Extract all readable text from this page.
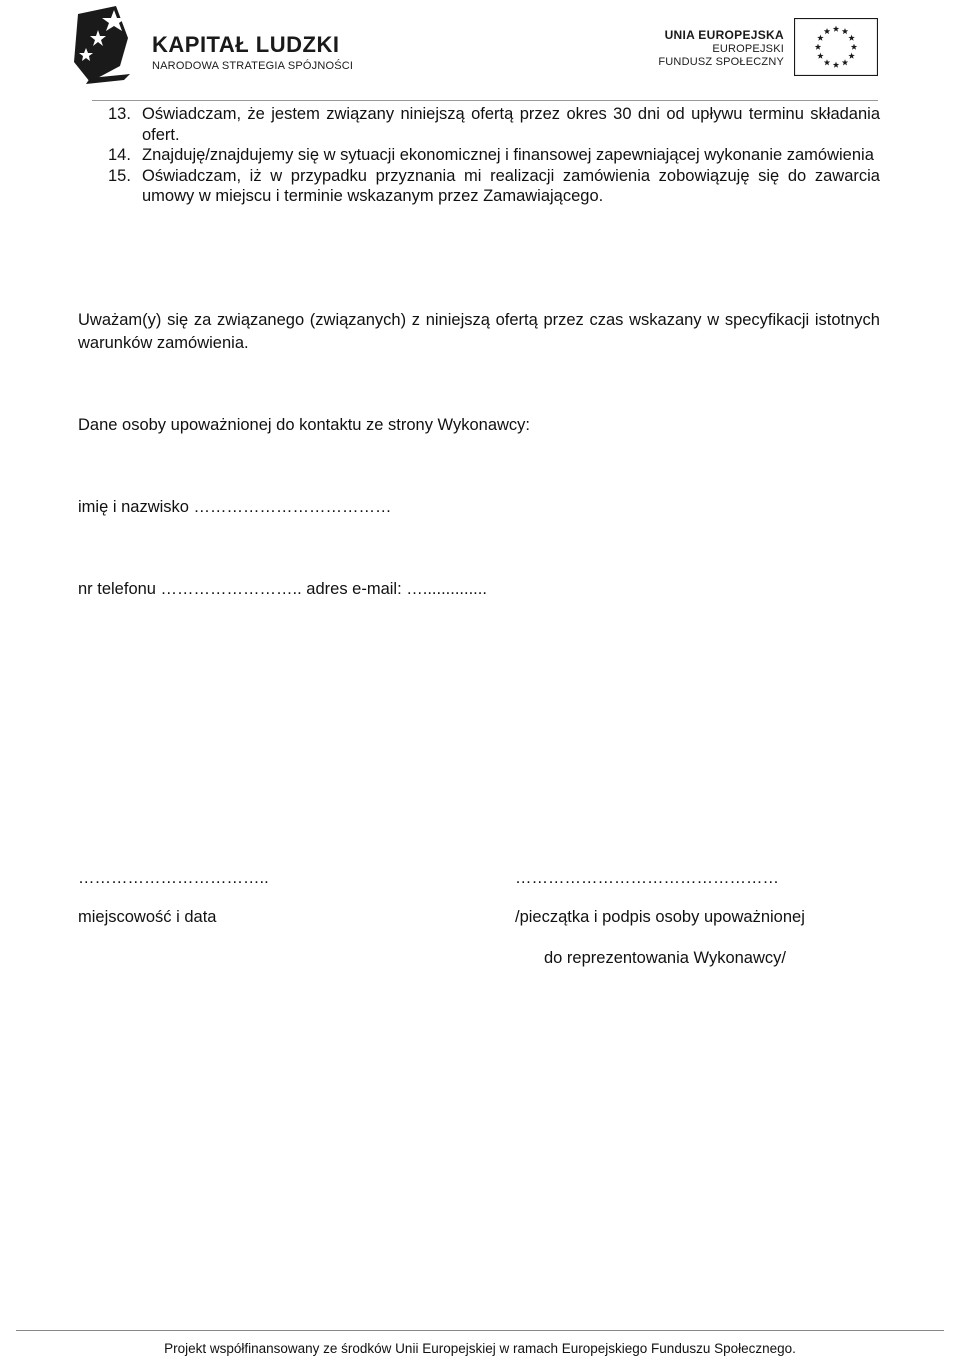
KAPITAŁ LUDZKI
NARODOWA STRATEGIA SPÓJNOŚCI
UNIA EUROPEJSKA
EUROPEJSKI
FUNDUSZ SPOŁECZNY
13. Oświadczam, że jestem związany niniejszą ofertą przez okres 30 dni od upływu terminu składania ofert.
14. Znajduję/znajdujemy się w sytuacji ekonomicznej i finansowej zapewniającej wykonanie zamówienia
15. Oświadczam, iż w przypadku przyznania mi realizacji zamówienia zobowiązuję się do zawarcia umowy w miejscu i terminie wskazanym przez Zamawiającego.
Uważam(y) się za związanego (związanych) z niniejszą ofertą przez czas wskazany w specyfikacji istotnych warunków zamówienia.
Dane osoby upoważnionej do kontaktu ze strony Wykonawcy:
imię i nazwisko ………………………………
nr telefonu …………………….. adres e-mail: …..............
……………………………..
miejscowość i data
…………………………………………
/pieczątka i podpis osoby upoważnionej
do reprezentowania Wykonawcy/
Projekt współfinansowany ze środków Unii Europejskiej w ramach Europejskiego Funduszu Społecznego.
